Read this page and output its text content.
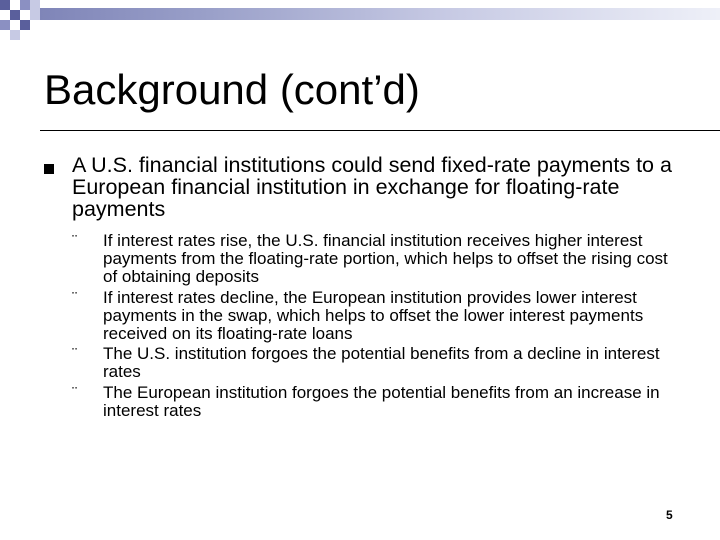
Background (cont’d)

A U.S. financial institutions could send fixed-rate payments to a European financial institution in exchange for floating-rate payments

¨ If interest rates rise, the U.S. financial institution receives higher interest payments from the floating-rate portion, which helps to offset the rising cost of obtaining deposits
¨ If interest rates decline, the European institution provides lower interest payments in the swap, which helps to offset the lower interest payments received on its floating-rate loans
¨ The U.S. institution forgoes the potential benefits from a decline in interest rates
¨ The European institution forgoes the potential benefits from an increase in interest rates
5
